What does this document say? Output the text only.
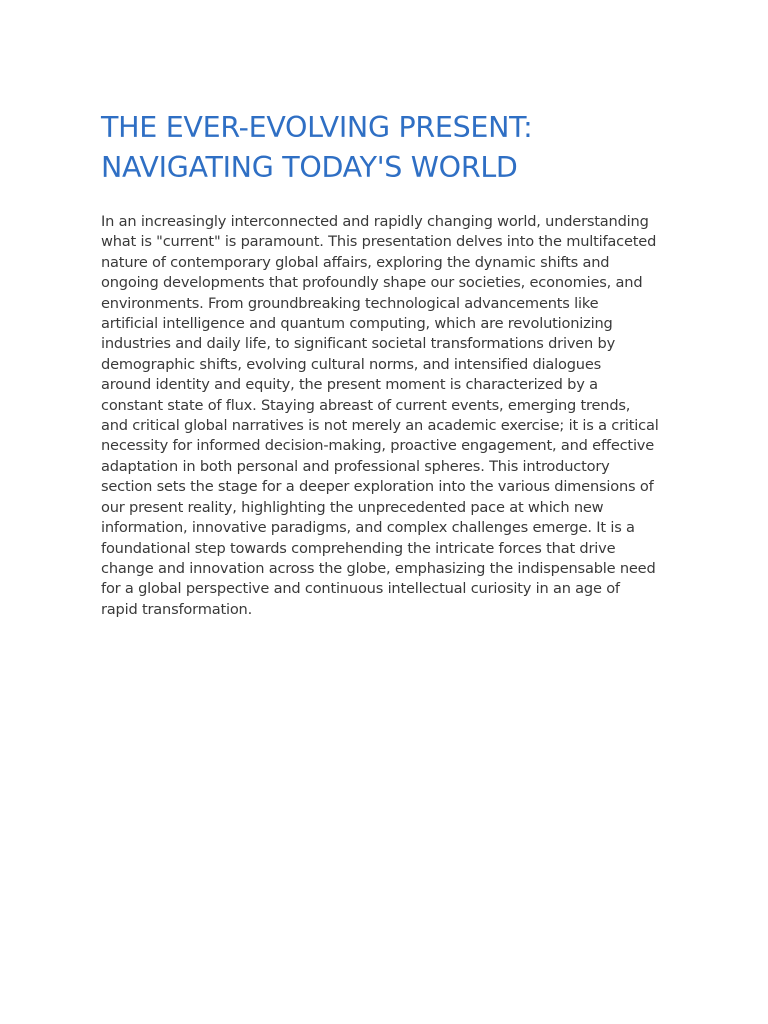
THE EVER-EVOLVING PRESENT:
NAVIGATING TODAY'S WORLD

In an increasingly interconnected and rapidly changing world, understanding
what is "current" is paramount. This presentation delves into the multifaceted
nature of contemporary global affairs, exploring the dynamic shifts and
ongoing developments that profoundly shape our societies, economies, and
environments. From groundbreaking technological advancements like
artificial intelligence and quantum computing, which are revolutionizing
industries and daily life, to significant societal transformations driven by
demographic shifts, evolving cultural norms, and intensified dialogues
around identity and equity, the present moment is characterized by a
constant state of flux. Staying abreast of current events, emerging trends,
and critical global narratives is not merely an academic exercise; it is a critical
necessity for informed decision-making, proactive engagement, and effective
adaptation in both personal and professional spheres. This introductory
section sets the stage for a deeper exploration into the various dimensions of
our present reality, highlighting the unprecedented pace at which new
information, innovative paradigms, and complex challenges emerge. It is a
foundational step towards comprehending the intricate forces that drive
change and innovation across the globe, emphasizing the indispensable need
for a global perspective and continuous intellectual curiosity in an age of
rapid transformation.
